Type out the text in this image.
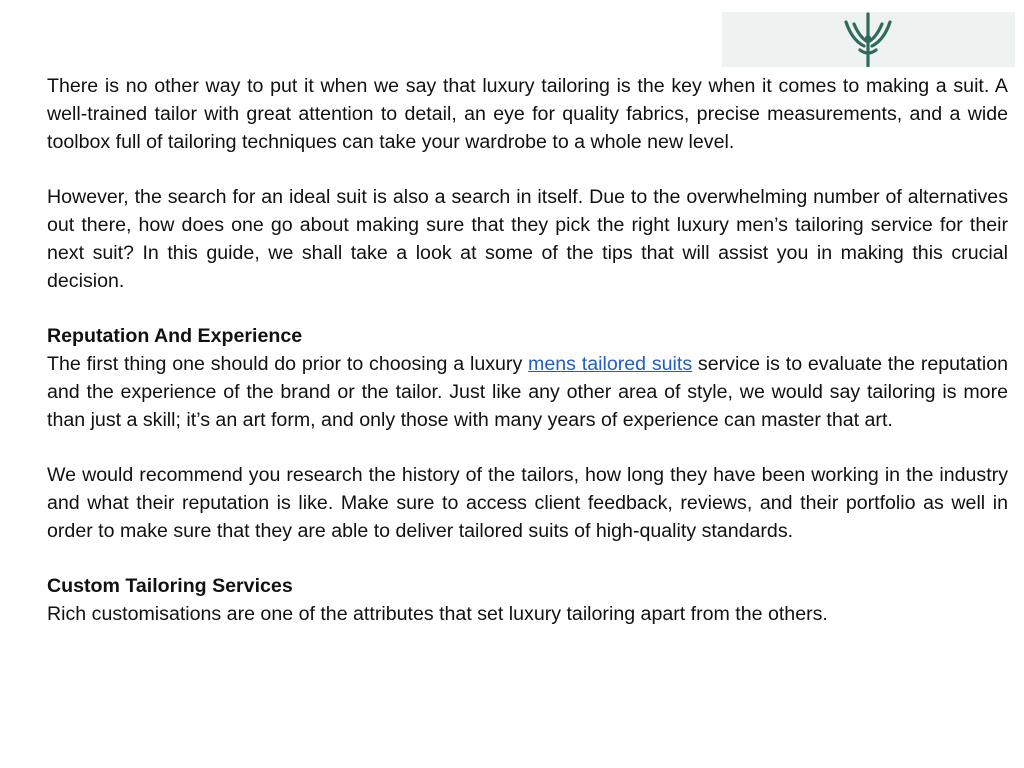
There is no other way to put it when we say that luxury tailoring is the key when it comes to making a suit. A well-trained tailor with great attention to detail, an eye for quality fabrics, precise measurements, and a wide toolbox full of tailoring techniques can take your wardrobe to a whole new level.

However, the search for an ideal suit is also a search in itself. Due to the overwhelming number of alternatives out there, how does one go about making sure that they pick the right luxury men’s tailoring service for their next suit? In this guide, we shall take a look at some of the tips that will assist you in making this crucial decision.

Reputation And Experience

The first thing one should do prior to choosing a luxury mens tailored suits service is to evaluate the reputation and the experience of the brand or the tailor. Just like any other area of style, we would say tailoring is more than just a skill; it’s an art form, and only those with many years of experience can master that art.

We would recommend you research the history of the tailors, how long they have been working in the industry and what their reputation is like. Make sure to access client feedback, reviews, and their portfolio as well in order to make sure that they are able to deliver tailored suits of high-quality standards.

Custom Tailoring Services

Rich customisations are one of the attributes that set luxury tailoring apart from the others.
